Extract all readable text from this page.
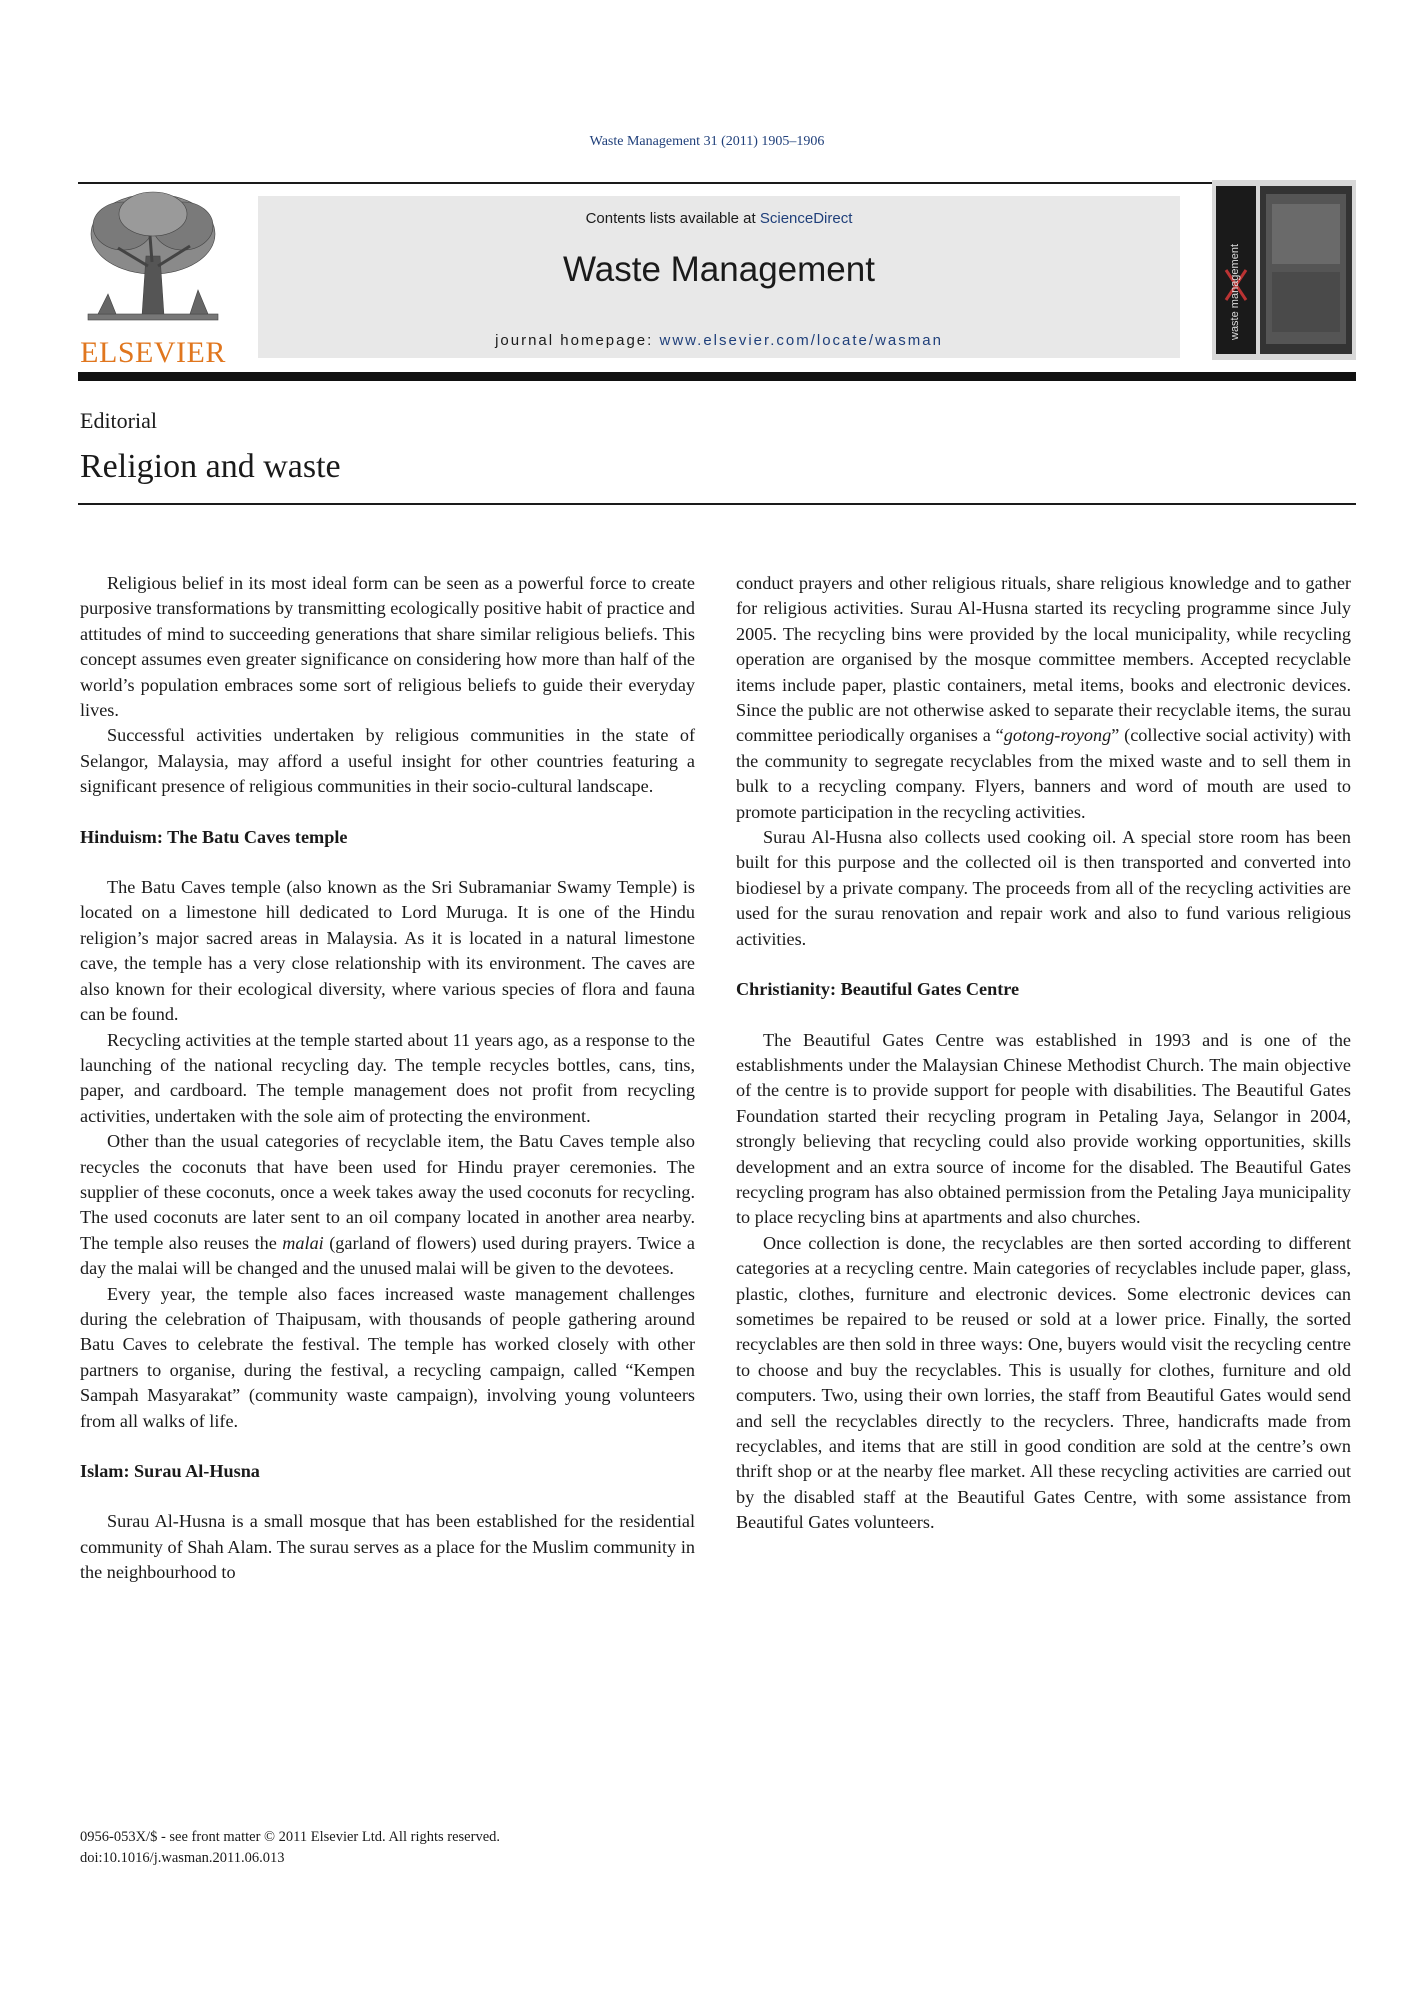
Waste Management 31 (2011) 1905–1906
ELSEVIER
Contents lists available at ScienceDirect
Waste Management
journal homepage: www.elsevier.com/locate/wasman
waste management
Editorial
Religion and waste

Religious belief in its most ideal form can be seen as a powerful force to create purposive transformations by transmitting ecologically positive habit of practice and attitudes of mind to succeeding generations that share similar religious beliefs. This concept assumes even greater significance on considering how more than half of the world’s population embraces some sort of religious beliefs to guide their everyday lives.

Successful activities undertaken by religious communities in the state of Selangor, Malaysia, may afford a useful insight for other countries featuring a significant presence of religious communities in their socio-cultural landscape.

Hinduism: The Batu Caves temple

The Batu Caves temple (also known as the Sri Subramaniar Swamy Temple) is located on a limestone hill dedicated to Lord Muruga. It is one of the Hindu religion’s major sacred areas in Malaysia. As it is located in a natural limestone cave, the temple has a very close relationship with its environment. The caves are also known for their ecological diversity, where various species of flora and fauna can be found.

Recycling activities at the temple started about 11 years ago, as a response to the launching of the national recycling day. The temple recycles bottles, cans, tins, paper, and cardboard. The temple management does not profit from recycling activities, undertaken with the sole aim of protecting the environment.

Other than the usual categories of recyclable item, the Batu Caves temple also recycles the coconuts that have been used for Hindu prayer ceremonies. The supplier of these coconuts, once a week takes away the used coconuts for recycling. The used coconuts are later sent to an oil company located in another area nearby. The temple also reuses the malai (garland of flowers) used during prayers. Twice a day the malai will be changed and the unused malai will be given to the devotees.

Every year, the temple also faces increased waste management challenges during the celebration of Thaipusam, with thousands of people gathering around Batu Caves to celebrate the festival. The temple has worked closely with other partners to organise, during the festival, a recycling campaign, called “Kempen Sampah Masyarakat” (community waste campaign), involving young volunteers from all walks of life.

Islam: Surau Al-Husna

Surau Al-Husna is a small mosque that has been established for the residential community of Shah Alam. The surau serves as a place for the Muslim community in the neighbourhood to

conduct prayers and other religious rituals, share religious knowledge and to gather for religious activities. Surau Al-Husna started its recycling programme since July 2005. The recycling bins were provided by the local municipality, while recycling operation are organised by the mosque committee members. Accepted recyclable items include paper, plastic containers, metal items, books and electronic devices. Since the public are not otherwise asked to separate their recyclable items, the surau committee periodically organises a “gotong-royong” (collective social activity) with the community to segregate recyclables from the mixed waste and to sell them in bulk to a recycling company. Flyers, banners and word of mouth are used to promote participation in the recycling activities.

Surau Al-Husna also collects used cooking oil. A special store room has been built for this purpose and the collected oil is then transported and converted into biodiesel by a private company. The proceeds from all of the recycling activities are used for the surau renovation and repair work and also to fund various religious activities.

Christianity: Beautiful Gates Centre

The Beautiful Gates Centre was established in 1993 and is one of the establishments under the Malaysian Chinese Methodist Church. The main objective of the centre is to provide support for people with disabilities. The Beautiful Gates Foundation started their recycling program in Petaling Jaya, Selangor in 2004, strongly believing that recycling could also provide working opportunities, skills development and an extra source of income for the disabled. The Beautiful Gates recycling program has also obtained permission from the Petaling Jaya municipality to place recycling bins at apartments and also churches.

Once collection is done, the recyclables are then sorted according to different categories at a recycling centre. Main categories of recyclables include paper, glass, plastic, clothes, furniture and electronic devices. Some electronic devices can sometimes be repaired to be reused or sold at a lower price. Finally, the sorted recyclables are then sold in three ways: One, buyers would visit the recycling centre to choose and buy the recyclables. This is usually for clothes, furniture and old computers. Two, using their own lorries, the staff from Beautiful Gates would send and sell the recyclables directly to the recyclers. Three, handicrafts made from recyclables, and items that are still in good condition are sold at the centre’s own thrift shop or at the nearby flee market. All these recycling activities are carried out by the disabled staff at the Beautiful Gates Centre, with some assistance from Beautiful Gates volunteers.

0956-053X/$ - see front matter © 2011 Elsevier Ltd. All rights reserved.
doi:10.1016/j.wasman.2011.06.013
